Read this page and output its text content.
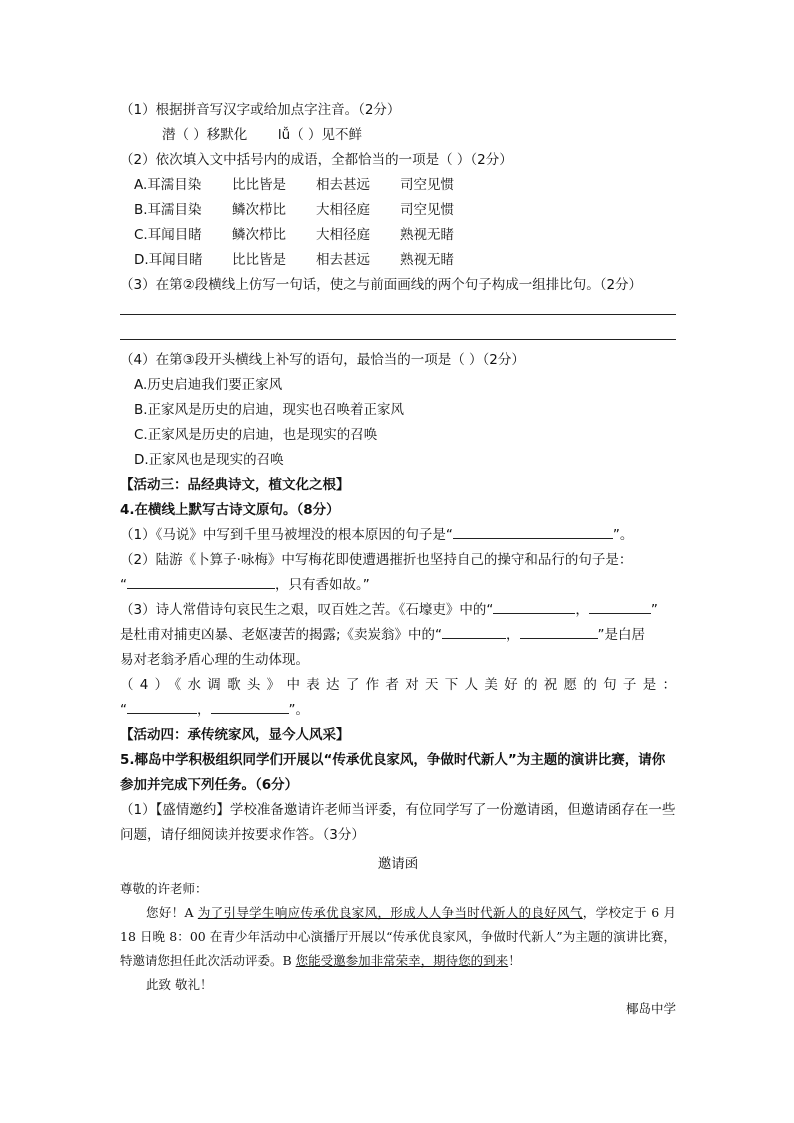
（1）根据拼音写汉字或给加点字注音。（2分）
潜（ ）移默化 lǚ（ ）见不鲜
（2）依次填入文中括号内的成语，全都恰当的一项是（ ）（2分）
A.耳濡目染 比比皆是 相去甚远 司空见惯
B.耳濡目染 鳞次栉比 大相径庭 司空见惯
C.耳闻目睹 鳞次栉比 大相径庭 熟视无睹
D.耳闻目睹 比比皆是 相去甚远 熟视无睹
（3）在第②段横线上仿写一句话，使之与前面画线的两个句子构成一组排比句。（2分）
（4）在第③段开头横线上补写的语句，最恰当的一项是（ ）（2分）
A.历史启迪我们要正家风
B.正家风是历史的启迪，现实也召唤着正家风
C.正家风是历史的启迪，也是现实的召唤
D.正家风也是现实的召唤
【活动三：品经典诗文，植文化之根】
4.在横线上默写古诗文原句。（8分）
（1）《马说》中写到千里马被埋没的根本原因的句子是“	”。
（2）陆游《卜算子·咏梅》中写梅花即使遭遇摧折也坚持自己的操守和品行的句子是：
“	，只有香如故。”
（3）诗人常借诗句哀民生之艰，叹百姓之苦。《石壕吏》中的“	，	”
是杜甫对捕吏凶暴、老妪凄苦的揭露;《卖炭翁》中的“	，	”是白居
易对老翁矛盾心理的生动体现。
（4）《水调歌头》中表达了作者对天下人美好的祝愿的句子是：
“	，	”。
【活动四：承传统家风，显今人风采】
5.椰岛中学积极组织同学们开展以“传承优良家风，争做时代新人”为主题的演讲比赛，请你参加并完成下列任务。（6分）
（1）【盛情邀约】学校准备邀请许老师当评委，有位同学写了一份邀请函，但邀请函存在一些问题，请仔细阅读并按要求作答。（3分）
邀请函
尊敬的许老师：

您好！A 为了引导学生响应传承优良家风，形成人人争当时代新人的良好风气，学校定于 6 月 18 日晚 8：00 在青少年活动中心演播厅开展以“传承优良家风，争做时代新人”为主题的演讲比赛，特邀请您担任此次活动评委。B 您能受邀参加非常荣幸，期待您的到来！

此致 敬礼！

椰岛中学
